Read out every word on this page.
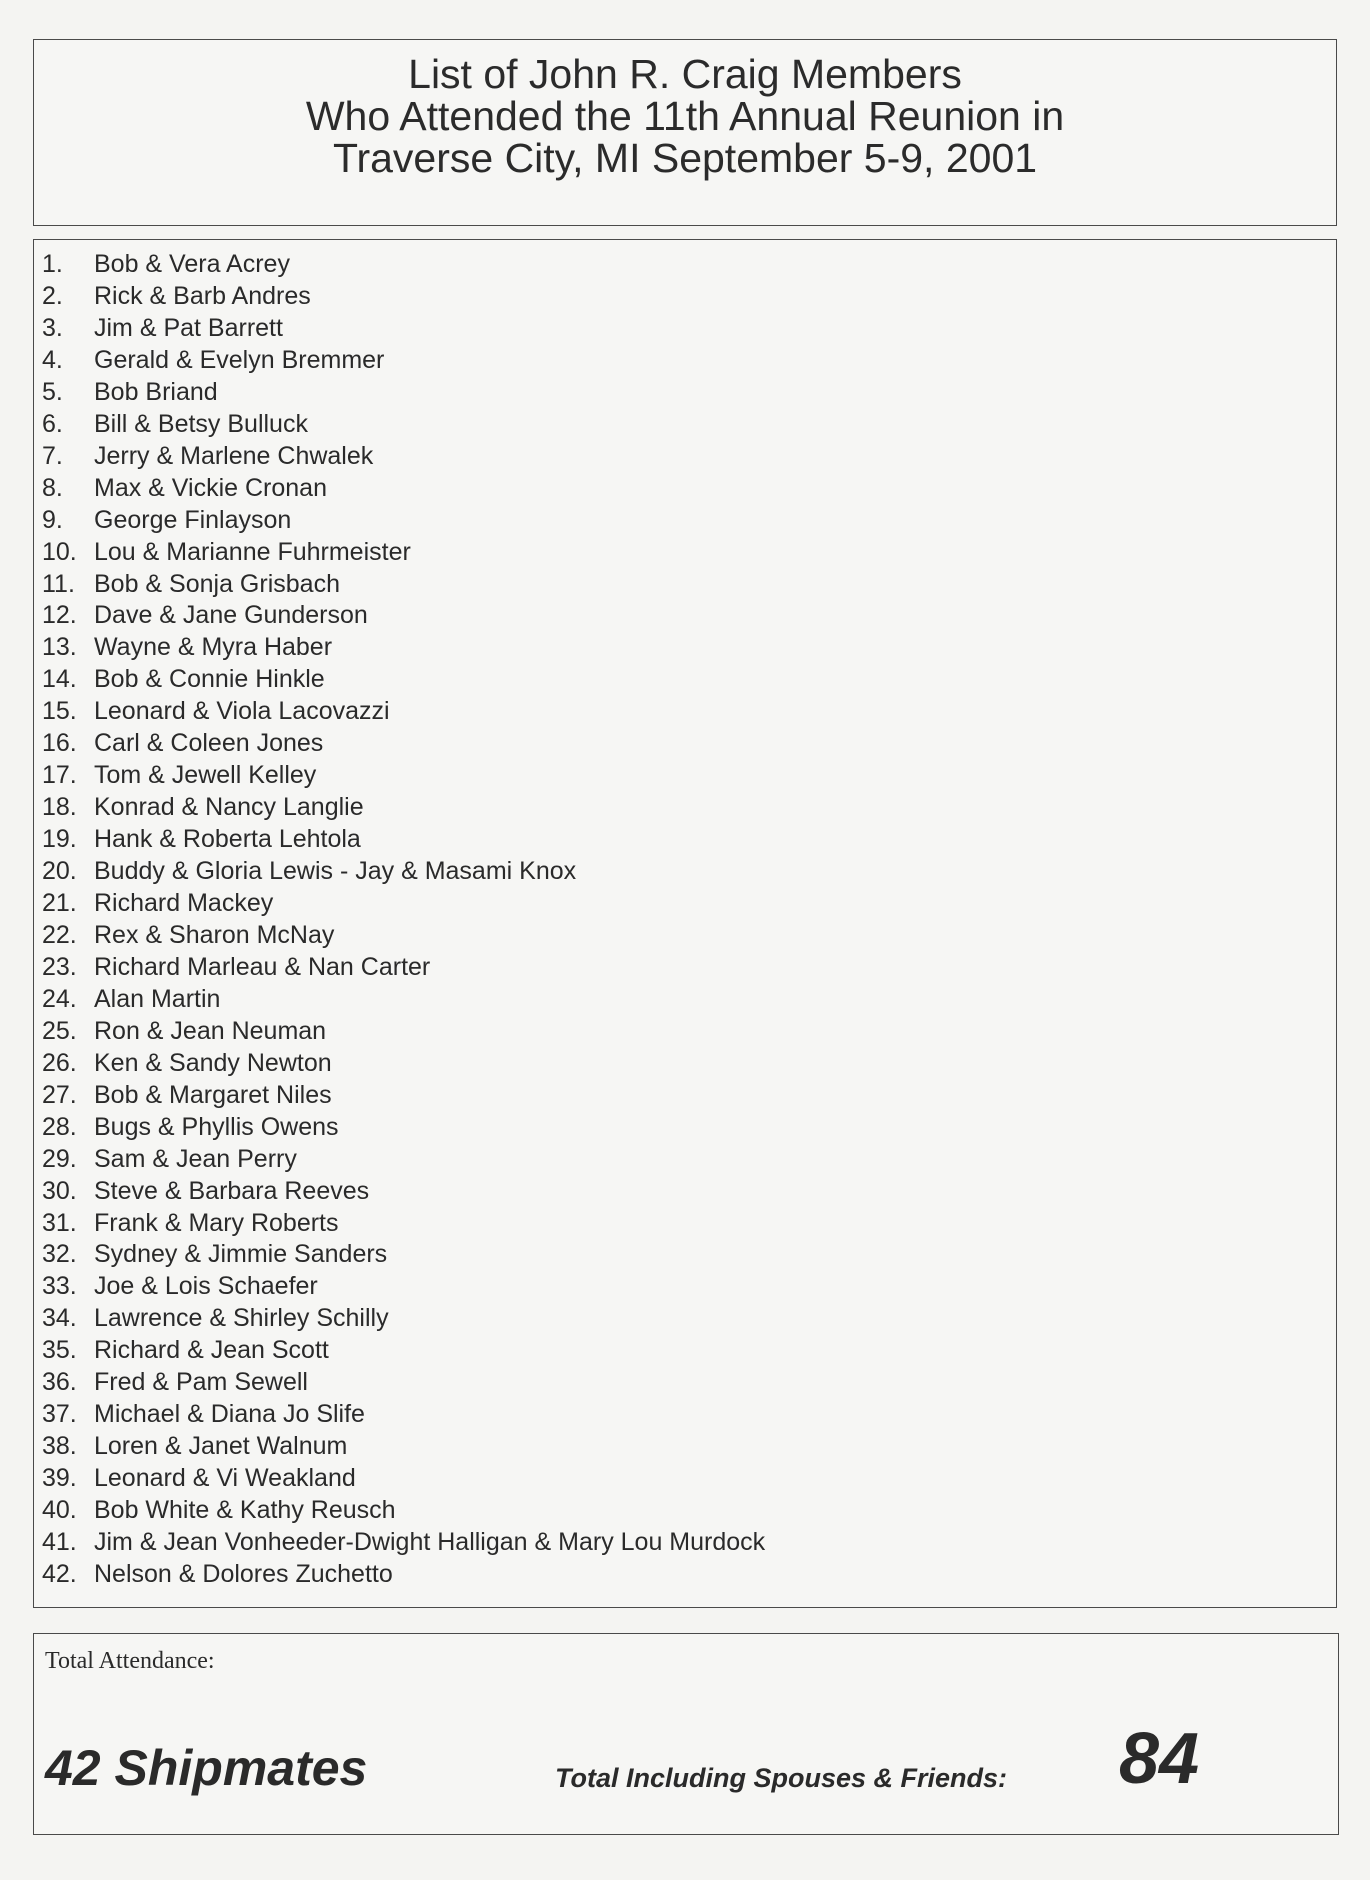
List of John R. Craig Members
Who Attended the 11th Annual Reunion in
Traverse City, MI September 5-9, 2001
1.	Bob & Vera Acrey
2.	Rick & Barb Andres
3.	Jim & Pat Barrett
4.	Gerald & Evelyn Bremmer
5.	Bob Briand
6.	Bill & Betsy Bulluck
7.	Jerry & Marlene Chwalek
8.	Max & Vickie Cronan
9.	George Finlayson
10. Lou & Marianne Fuhrmeister
11. Bob & Sonja Grisbach
12. Dave & Jane Gunderson
13. Wayne & Myra Haber
14. Bob & Connie Hinkle
15. Leonard & Viola Lacovazzi
16. Carl & Coleen Jones
17. Tom & Jewell Kelley
18. Konrad & Nancy Langlie
19. Hank & Roberta Lehtola
20. Buddy & Gloria Lewis - Jay & Masami Knox
21. Richard Mackey
22. Rex & Sharon McNay
23. Richard Marleau & Nan Carter
24. Alan Martin
25. Ron & Jean Neuman
26. Ken & Sandy Newton
27. Bob & Margaret Niles
28. Bugs & Phyllis Owens
29. Sam & Jean Perry
30. Steve & Barbara Reeves
31. Frank & Mary Roberts
32. Sydney & Jimmie Sanders
33. Joe & Lois Schaefer
34. Lawrence & Shirley Schilly
35. Richard & Jean Scott
36. Fred & Pam Sewell
37. Michael & Diana Jo Slife
38. Loren & Janet Walnum
39. Leonard & Vi Weakland
40. Bob White & Kathy Reusch
41. Jim & Jean Vonheeder-Dwight Halligan & Mary Lou Murdock
42. Nelson & Dolores Zuchetto
Total Attendance:
42 Shipmates	Total Including Spouses & Friends: 84
